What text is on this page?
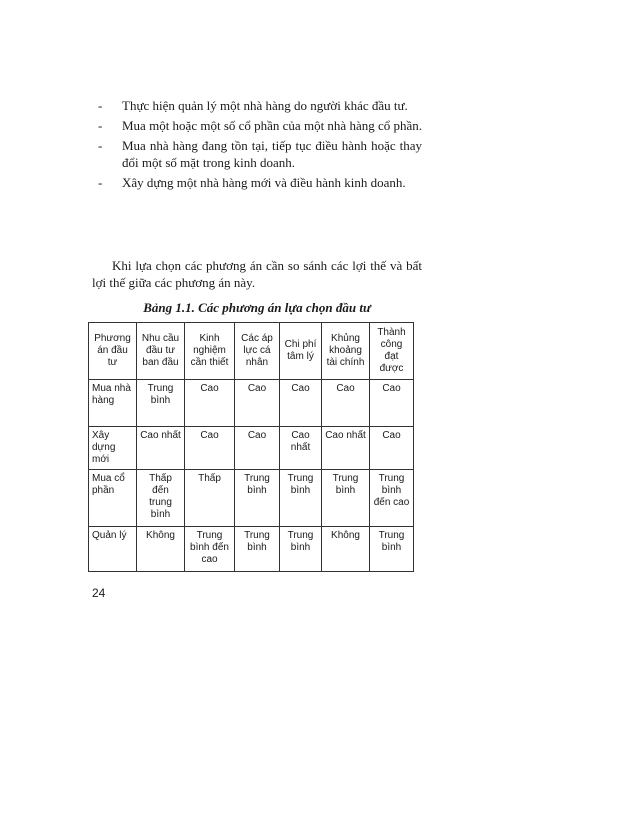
- Thực hiện quản lý một nhà hàng do người khác đầu tư.
- Mua một hoặc một số cổ phần của một nhà hàng cổ phần.
- Mua nhà hàng đang tồn tại, tiếp tục điều hành hoặc thay đổi một số mặt trong kinh doanh.
- Xây dựng một nhà hàng mới và điều hành kinh doanh.

Khi lựa chọn các phương án cần so sánh các lợi thế và bất lợi thế giữa các phương án này.

Bảng 1.1. Các phương án lựa chọn đầu tư

Phương án đầu tư	Nhu cầu đầu tư ban đầu	Kinh nghiệm cần thiết	Các áp lực cá nhân	Chi phí tâm lý	Khủng khoảng tài chính	Thành công đạt được
Mua nhà hàng	Trung bình	Cao	Cao	Cao	Cao	Cao
Xây dựng mới	Cao nhất	Cao	Cao	Cao nhất	Cao nhất	Cao
Mua cổ phần	Thấp đến trung bình	Thấp	Trung bình	Trung bình	Trung bình	Trung bình đến cao
Quản lý	Không	Trung bình đến cao	Trung bình	Trung bình	Không	Trung bình
24
